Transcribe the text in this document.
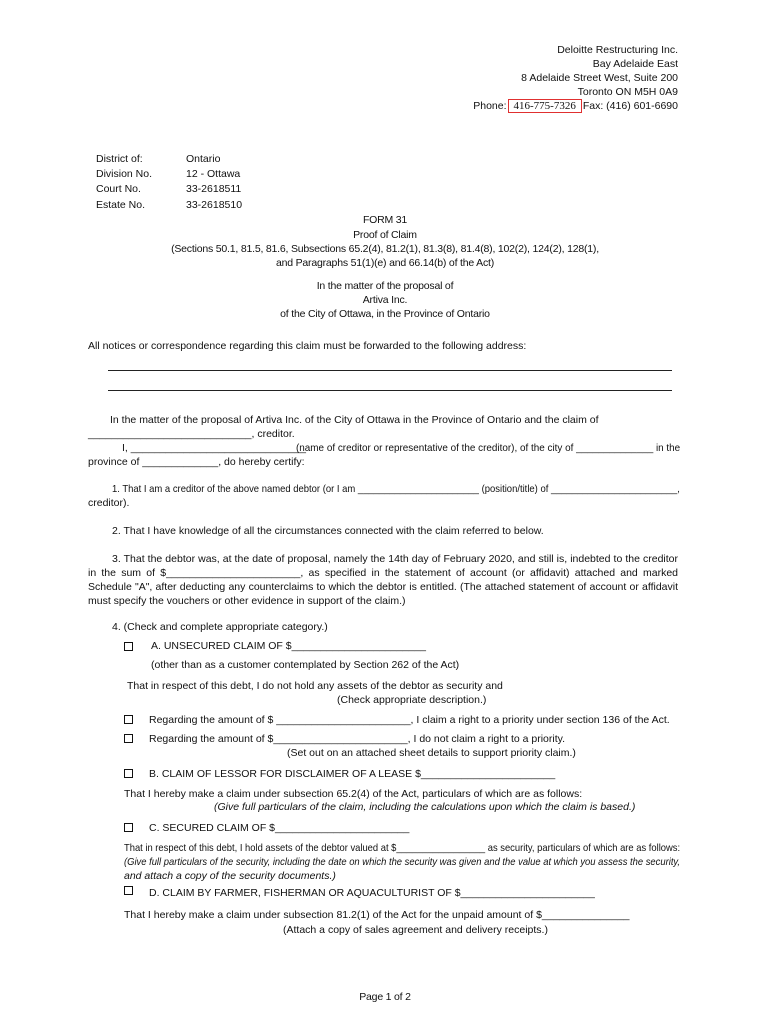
Deloitte Restructuring Inc.
Bay Adelaide East
8 Adelaide Street West, Suite 200
Toronto ON M5H 0A9
Phone: 416-775-7326 Fax: (416) 601-6690
District of:
Division No.
Court No.
Estate No.
Ontario
12 - Ottawa
33-2618511
33-2618510
FORM 31
Proof of Claim
(Sections 50.1, 81.5, 81.6, Subsections 65.2(4), 81.2(1), 81.3(8), 81.4(8), 102(2), 124(2), 128(1),
and Paragraphs 51(1)(e) and 66.14(b) of the Act)
In the matter of the proposal of
Artiva Inc.
of the City of Ottawa, in the Province of Ontario
All notices or correspondence regarding this claim must be forwarded to the following address:
In the matter of the proposal of Artiva Inc. of the City of Ottawa in the Province of Ontario and the claim of
____________________________, creditor.
I, ______________________________
(name of creditor or representative of the creditor), of the city of ______________ in the
province of _____________, do hereby certify:
1. That I am a creditor of the above named debtor (or I am _______________________ (position/title) of ________________________,
creditor).
2. That I have knowledge of all the circumstances connected with the claim referred to below.
3. That the debtor was, at the date of proposal, namely the 14th day of February 2020, and still is, indebted to the creditor in the sum of $_______________________, as specified in the statement of account (or affidavit) attached and marked Schedule "A", after deducting any counterclaims to which the debtor is entitled. (The attached statement of account or affidavit must specify the vouchers or other evidence in support of the claim.)
4. (Check and complete appropriate category.)
A. UNSECURED CLAIM OF $_______________________
(other than as a customer contemplated by Section 262 of the Act)
That in respect of this debt, I do not hold any assets of the debtor as security and
(Check appropriate description.)
Regarding the amount of $ _______________________, I claim a right to a priority under section 136 of the Act.
Regarding the amount of $_______________________, I do not claim a right to a priority.
(Set out on an attached sheet details to support priority claim.)
B. CLAIM OF LESSOR FOR DISCLAIMER OF A LEASE $_______________________
That I hereby make a claim under subsection 65.2(4) of the Act, particulars of which are as follows:
(Give full particulars of the claim, including the calculations upon which the claim is based.)
C. SECURED CLAIM OF $_______________________
That in respect of this debt, I hold assets of the debtor valued at $_________________ as security, particulars of which are as follows:
(Give full particulars of the security, including the date on which the security was given and the value at which you assess the security,
and attach a copy of the security documents.)
D. CLAIM BY FARMER, FISHERMAN OR AQUACULTURIST OF $_______________________
That I hereby make a claim under subsection 81.2(1) of the Act for the unpaid amount of $_______________
(Attach a copy of sales agreement and delivery receipts.)
Page 1 of 2
